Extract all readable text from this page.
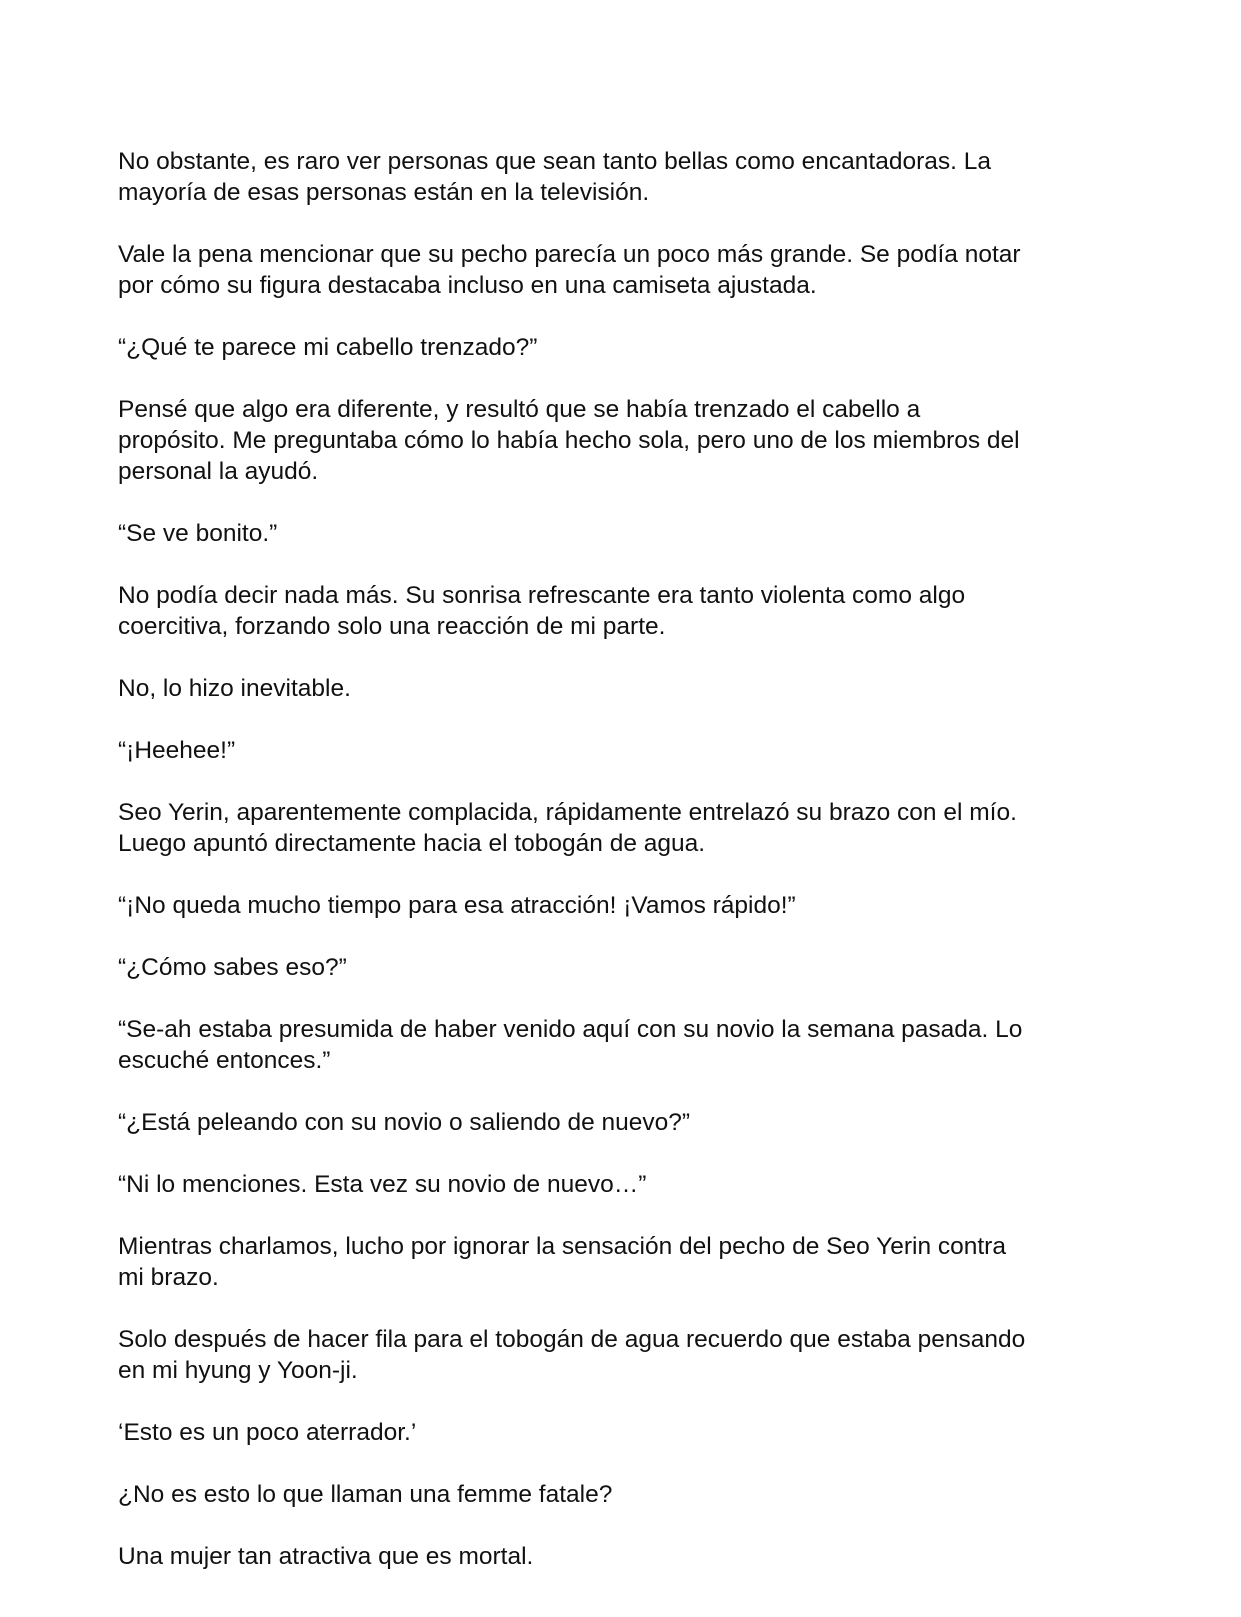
No obstante, es raro ver personas que sean tanto bellas como encantadoras. La
mayoría de esas personas están en la televisión.

Vale la pena mencionar que su pecho parecía un poco más grande. Se podía notar
por cómo su figura destacaba incluso en una camiseta ajustada.

“¿Qué te parece mi cabello trenzado?”

Pensé que algo era diferente, y resultó que se había trenzado el cabello a
propósito. Me preguntaba cómo lo había hecho sola, pero uno de los miembros del
personal la ayudó.

“Se ve bonito.”

No podía decir nada más. Su sonrisa refrescante era tanto violenta como algo
coercitiva, forzando solo una reacción de mi parte.

No, lo hizo inevitable.

“¡Heehee!”

Seo Yerin, aparentemente complacida, rápidamente entrelazó su brazo con el mío.
Luego apuntó directamente hacia el tobogán de agua.

“¡No queda mucho tiempo para esa atracción! ¡Vamos rápido!”

“¿Cómo sabes eso?”

“Se-ah estaba presumida de haber venido aquí con su novio la semana pasada. Lo
escuché entonces.”

“¿Está peleando con su novio o saliendo de nuevo?”

“Ni lo menciones. Esta vez su novio de nuevo…”

Mientras charlamos, lucho por ignorar la sensación del pecho de Seo Yerin contra
mi brazo.

Solo después de hacer fila para el tobogán de agua recuerdo que estaba pensando
en mi hyung y Yoon-ji.

‘Esto es un poco aterrador.’

¿No es esto lo que llaman una femme fatale?

Una mujer tan atractiva que es mortal.
